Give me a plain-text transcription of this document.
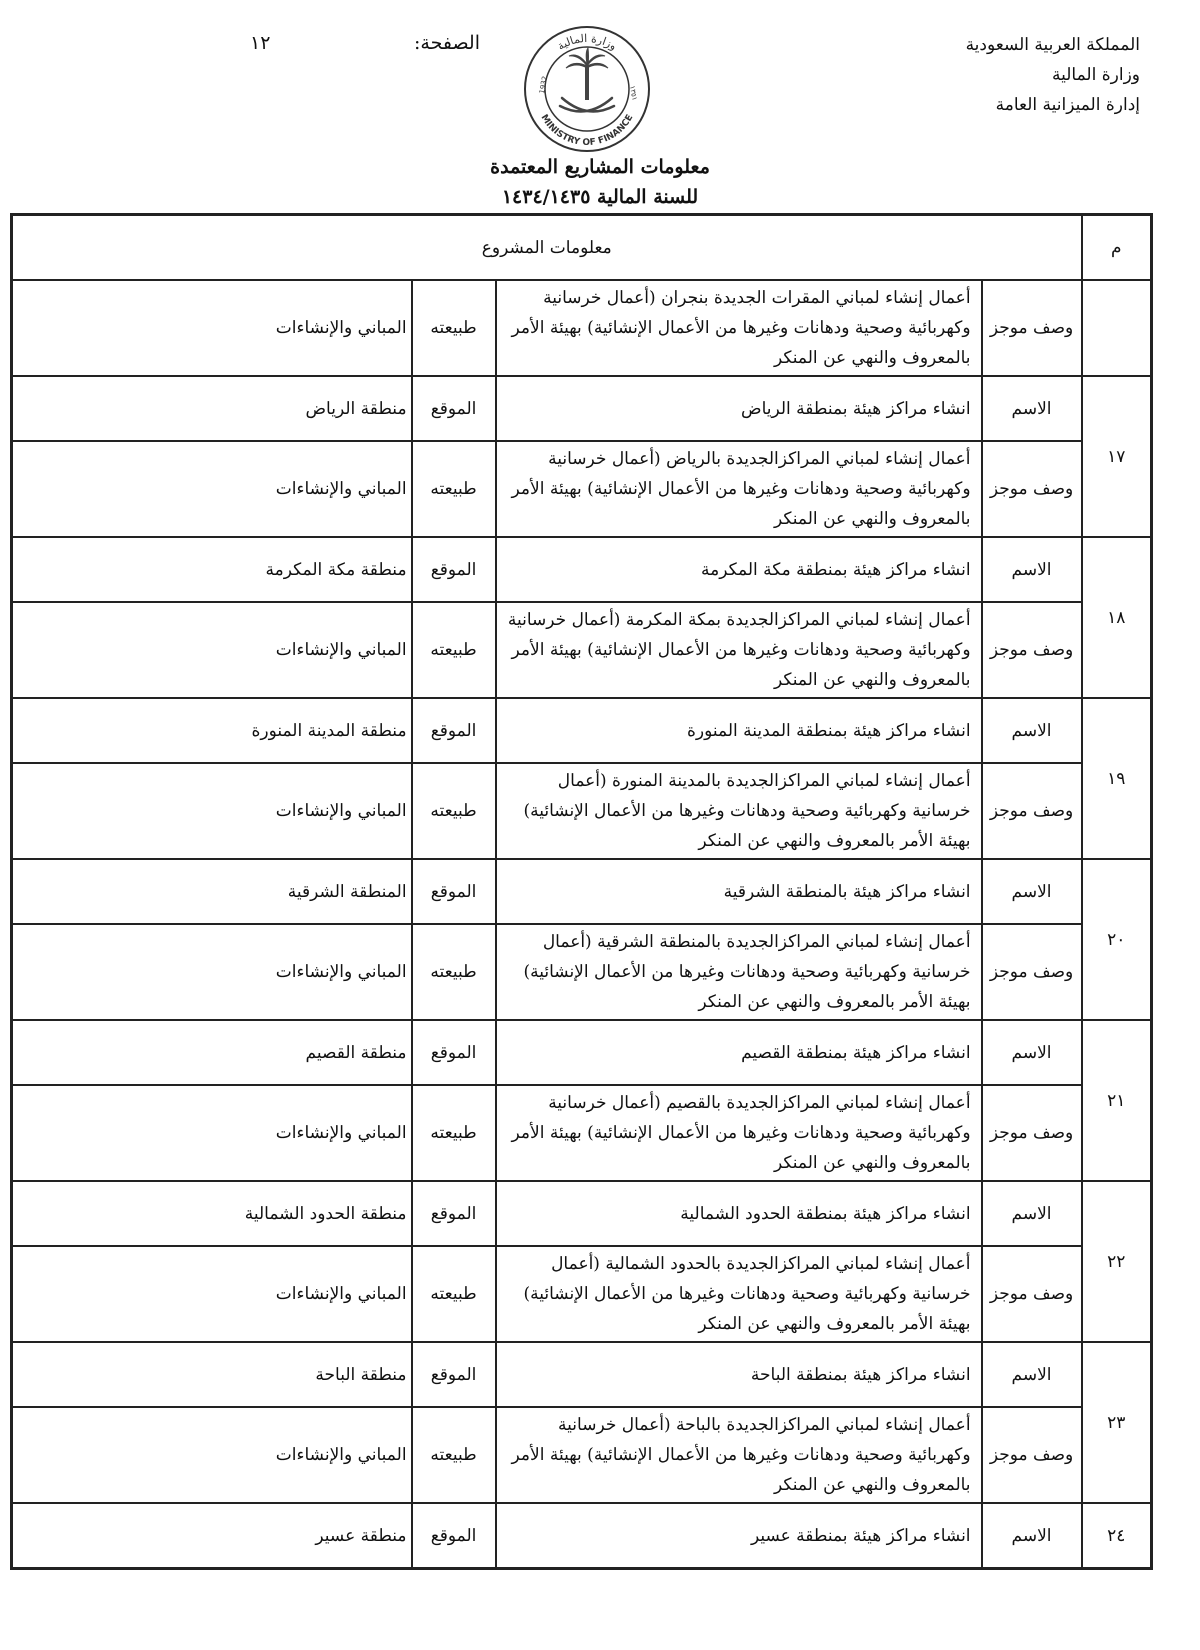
المملكة العربية السعودية
وزارة المالية
إدارة الميزانية العامة
الصفحة:
١٢	وزارة المالية
MINISTRY OF FINANCE
1932	١٣٥١
معلومات المشاريع المعتمدة
للسنة المالية ١٤٣٤/١٤٣٥
م	معلومات المشروع			
	وصف موجز	أعمال إنشاء لمباني المقرات الجديدة بنجران (أعمال خرسانية وكهربائية وصحية ودهانات وغيرها من الأعمال الإنشائية) بهيئة الأمر بالمعروف والنهي عن المنكر	طبيعته	المباني والإنشاءات
١٧	الاسم	انشاء مراكز هيئة بمنطقة الرياض	الموقع	منطقة الرياض
	وصف موجز	أعمال إنشاء لمباني المراكزالجديدة بالرياض (أعمال خرسانية وكهربائية وصحية ودهانات وغيرها من الأعمال الإنشائية) بهيئة الأمر بالمعروف والنهي عن المنكر	طبيعته	المباني والإنشاءات
١٨	الاسم	انشاء مراكز هيئة بمنطقة مكة المكرمة	الموقع	منطقة مكة المكرمة
	وصف موجز	أعمال إنشاء لمباني المراكزالجديدة بمكة المكرمة (أعمال خرسانية وكهربائية وصحية ودهانات وغيرها من الأعمال الإنشائية) بهيئة الأمر بالمعروف والنهي عن المنكر	طبيعته	المباني والإنشاءات
١٩	الاسم	انشاء مراكز هيئة بمنطقة المدينة المنورة	الموقع	منطقة المدينة المنورة
	وصف موجز	أعمال إنشاء لمباني المراكزالجديدة بالمدينة المنورة (أعمال خرسانية وكهربائية وصحية ودهانات وغيرها من الأعمال الإنشائية) بهيئة الأمر بالمعروف والنهي عن المنكر	طبيعته	المباني والإنشاءات
٢٠	الاسم	انشاء مراكز هيئة بالمنطقة الشرقية	الموقع	المنطقة الشرقية
	وصف موجز	أعمال إنشاء لمباني المراكزالجديدة بالمنطقة الشرقية (أعمال خرسانية وكهربائية وصحية ودهانات وغيرها من الأعمال الإنشائية) بهيئة الأمر بالمعروف والنهي عن المنكر	طبيعته	المباني والإنشاءات
٢١	الاسم	انشاء مراكز هيئة بمنطقة القصيم	الموقع	منطقة القصيم
	وصف موجز	أعمال إنشاء لمباني المراكزالجديدة بالقصيم (أعمال خرسانية وكهربائية وصحية ودهانات وغيرها من الأعمال الإنشائية) بهيئة الأمر بالمعروف والنهي عن المنكر	طبيعته	المباني والإنشاءات
٢٢	الاسم	انشاء مراكز هيئة بمنطقة الحدود الشمالية	الموقع	منطقة الحدود الشمالية
	وصف موجز	أعمال إنشاء لمباني المراكزالجديدة بالحدود الشمالية (أعمال خرسانية وكهربائية وصحية ودهانات وغيرها من الأعمال الإنشائية) بهيئة الأمر بالمعروف والنهي عن المنكر	طبيعته	المباني والإنشاءات
٢٣	الاسم	انشاء مراكز هيئة بمنطقة الباحة	الموقع	منطقة الباحة
	وصف موجز	أعمال إنشاء لمباني المراكزالجديدة بالباحة (أعمال خرسانية وكهربائية وصحية ودهانات وغيرها من الأعمال الإنشائية) بهيئة الأمر بالمعروف والنهي عن المنكر	طبيعته	المباني والإنشاءات
٢٤	الاسم	انشاء مراكز هيئة بمنطقة عسير	الموقع	منطقة عسير
